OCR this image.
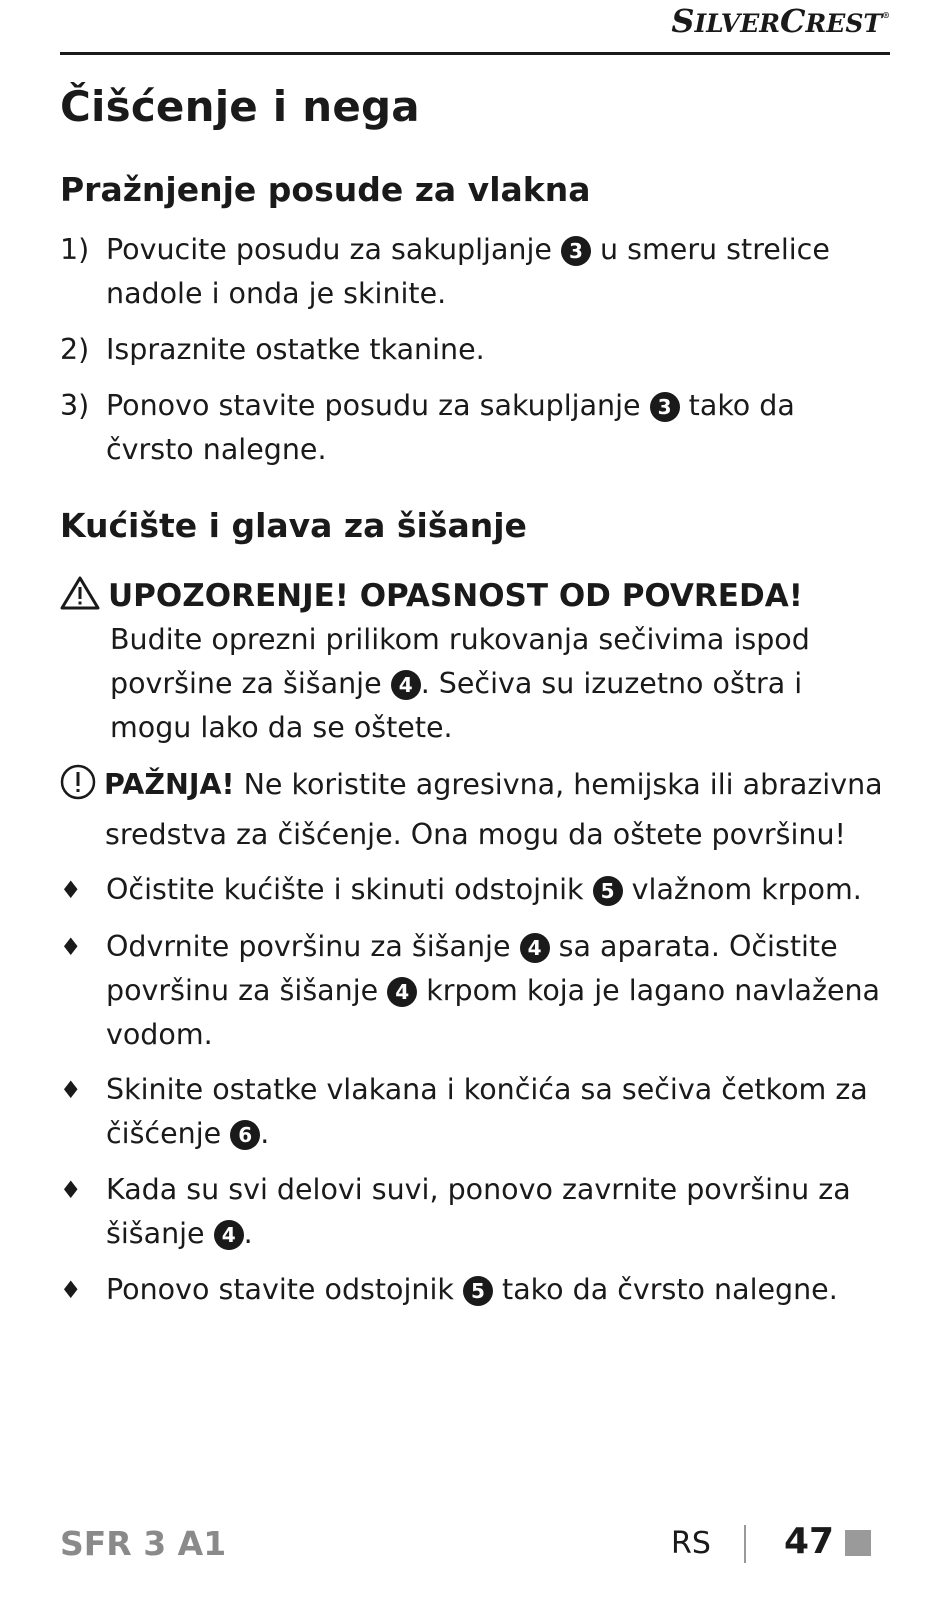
SILVERCREST®
Čišćenje i nega
Pražnjenje posude za vlakna
1) Povucite posudu za sakupljanje 3 u smeru strelice
nadole i onda je skinite.
2) Ispraznite ostatke tkanine.
3) Ponovo stavite posudu za sakupljanje 3 tako da
čvrsto nalegne.
Kućište i glava za šišanje
UPOZORENJE! OPASNOST OD POVREDA!
Budite oprezni prilikom rukovanja sečivima ispod
površine za šišanje 4 . Sečiva su izuzetno oštra i
mogu lako da se oštete.
PAŽNJA! Ne koristite agresivna, hemijska ili abrazivna
sredstva za čišćenje. Ona mogu da oštete površinu!
♦ Očistite kućište i skinuti odstojnik 5 vlažnom krpom.
♦ Odvrnite površinu za šišanje 4 sa aparata. Očistite
površinu za šišanje 4 krpom koja je lagano navlažena
vodom.
♦ Skinite ostatke vlakana i končića sa sečiva četkom za
čišćenje 6 .
♦ Kada su svi delovi suvi, ponovo zavrnite površinu za
šišanje 4 .
♦ Ponovo stavite odstojnik 5 tako da čvrsto nalegne.
SFR 3 A1	RS 47
